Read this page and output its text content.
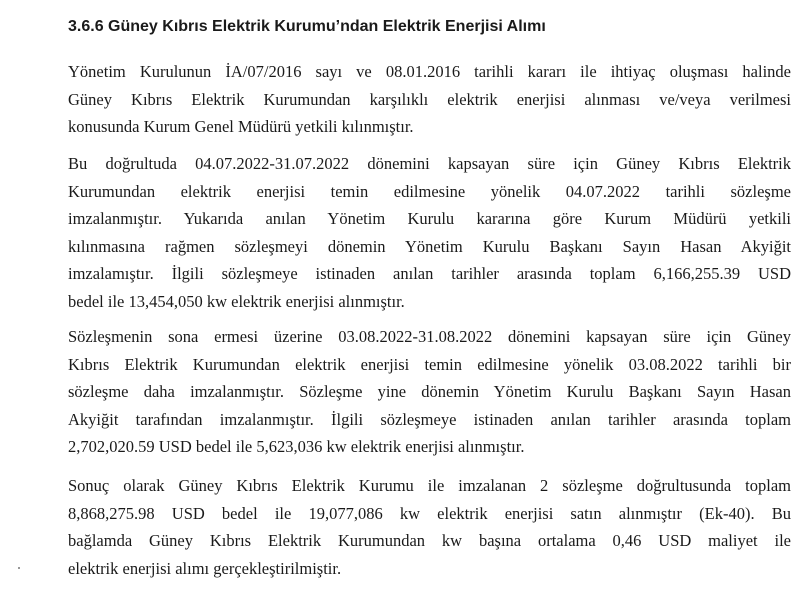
3.6.6 Güney Kıbrıs Elektrik Kurumu’ndan Elektrik Enerjisi Alımı

Yönetim Kurulunun İA/07/2016 sayı ve 08.01.2016 tarihli kararı ile ihtiyaç oluşması halinde
Güney Kıbrıs Elektrik Kurumundan karşılıklı elektrik enerjisi alınması ve/veya verilmesi
konusunda Kurum Genel Müdürü yetkili kılınmıştır.

Bu doğrultuda 04.07.2022-31.07.2022 dönemini kapsayan süre için Güney Kıbrıs Elektrik
Kurumundan elektrik enerjisi temin edilmesine yönelik 04.07.2022 tarihli sözleşme
imzalanmıştır. Yukarıda anılan Yönetim Kurulu kararına göre Kurum Müdürü yetkili
kılınmasına rağmen sözleşmeyi dönemin Yönetim Kurulu Başkanı Sayın Hasan Akyiğit
imzalamıştır. İlgili sözleşmeye istinaden anılan tarihler arasında toplam 6,166,255.39 USD
bedel ile 13,454,050 kw elektrik enerjisi alınmıştır.

Sözleşmenin sona ermesi üzerine 03.08.2022-31.08.2022 dönemini kapsayan süre için Güney
Kıbrıs Elektrik Kurumundan elektrik enerjisi temin edilmesine yönelik 03.08.2022 tarihli bir
sözleşme daha imzalanmıştır. Sözleşme yine dönemin Yönetim Kurulu Başkanı Sayın Hasan
Akyiğit tarafından imzalanmıştır. İlgili sözleşmeye istinaden anılan tarihler arasında toplam
2,702,020.59 USD bedel ile 5,623,036 kw elektrik enerjisi alınmıştır.

Sonuç olarak Güney Kıbrıs Elektrik Kurumu ile imzalanan 2 sözleşme doğrultusunda toplam
8,868,275.98 USD bedel ile 19,077,086 kw elektrik enerjisi satın alınmıştır (Ek-40). Bu
bağlamda Güney Kıbrıs Elektrik Kurumundan kw başına ortalama 0,46 USD maliyet ile
elektrik enerjisi alımı gerçekleştirilmiştir.
